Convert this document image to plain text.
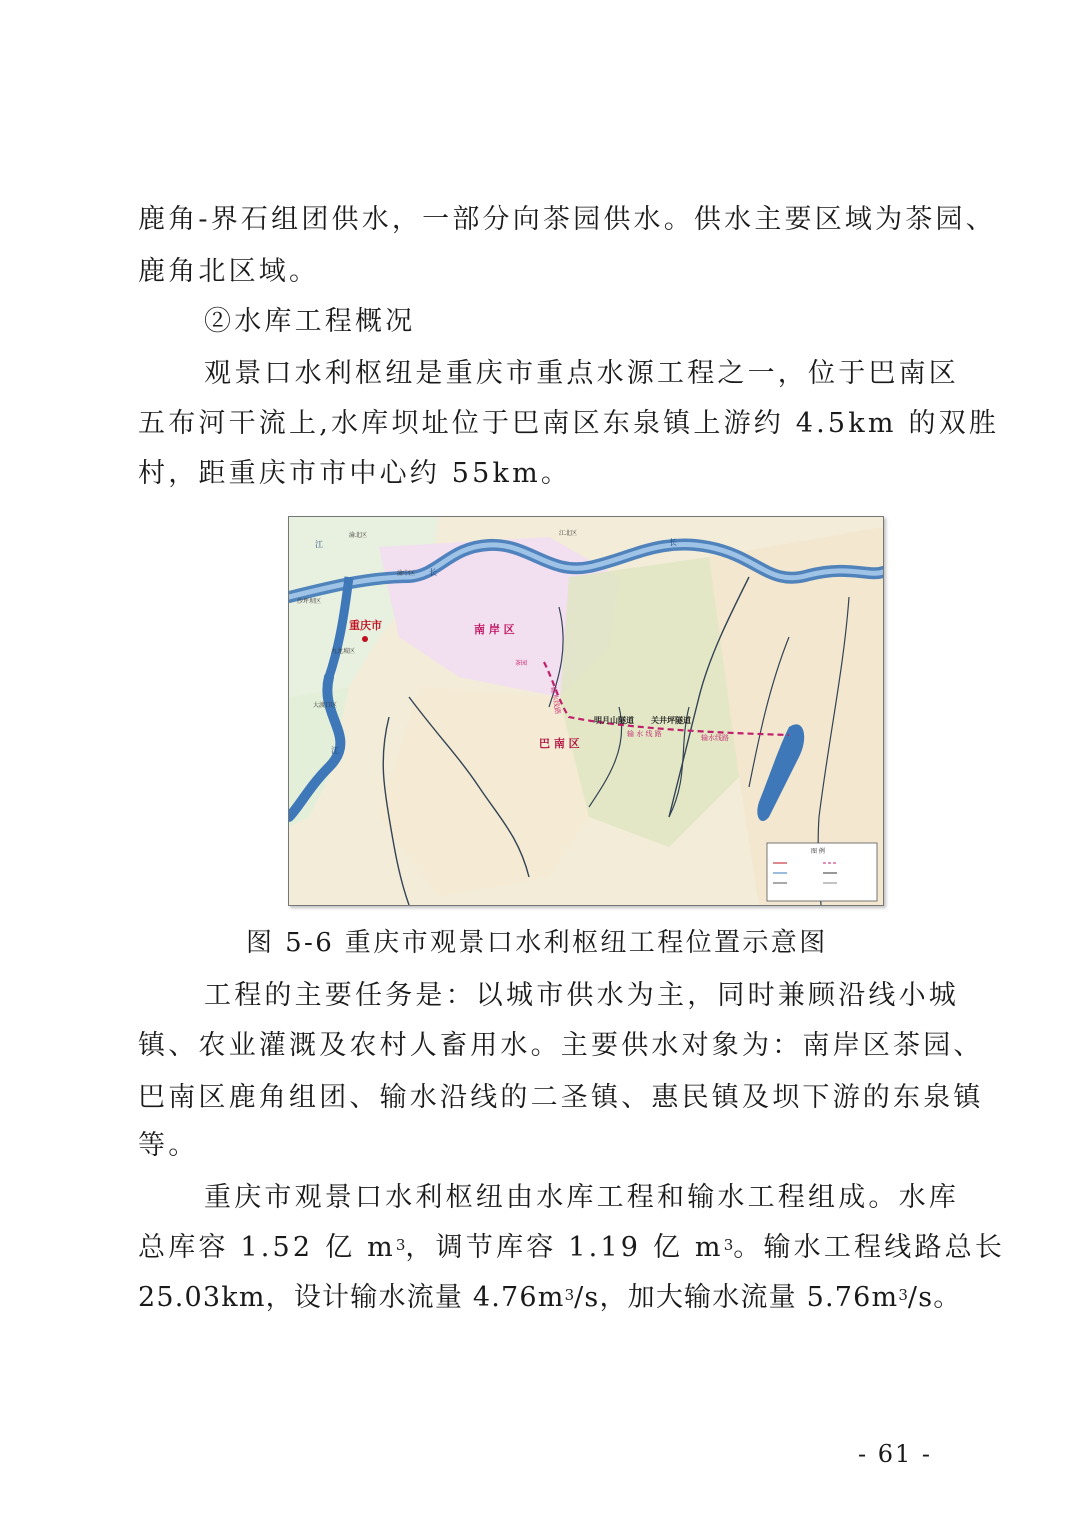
鹿角-界石组团供水，一部分向茶园供水。供水主要区域为茶园、
鹿角北区域。
②水库工程概况
观景口水利枢纽是重庆市重点水源工程之一，位于巴南区
五布河干流上,水库坝址位于巴南区东泉镇上游约 4.5km 的双胜
村，距重庆市市中心约 55km。
重庆市	南 岸 区
巴 南 区
明月山隧道 关井坪隧道
输 水 线 路	输水线路
输水线路
渝中区
江北区
沙坪坝区
九龙坡区
大渡口区
渝北区
茶园
江
长
江
长
图 例
图 5-6 重庆市观景口水利枢纽工程位置示意图
工程的主要任务是：以城市供水为主，同时兼顾沿线小城
镇、农业灌溉及农村人畜用水。主要供水对象为：南岸区茶园、
巴南区鹿角组团、输水沿线的二圣镇、惠民镇及坝下游的东泉镇
等。
重庆市观景口水利枢纽由水库工程和输水工程组成。水库
总库容 1.52 亿 $m^3$，调节库容 1.19 亿 $m^3$。输水工程线路总长
25.03km，设计输水流量 $4.76m^3/s$，加大输水流量 $5.76m^3/s$。
- 61 -
